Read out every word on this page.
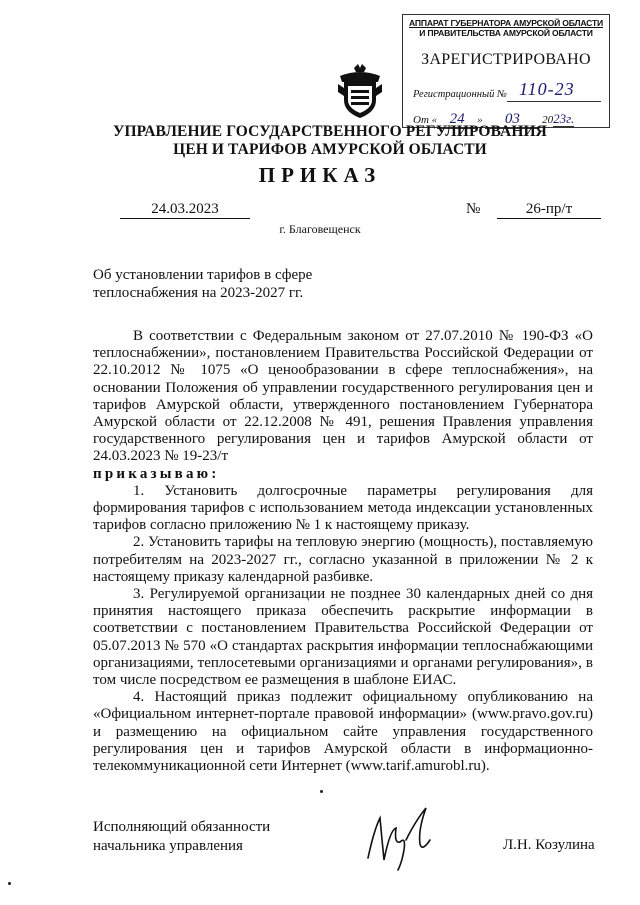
АППАРАТ ГУБЕРНАТОРА АМУРСКОЙ ОБЛАСТИ
И ПРАВИТЕЛЬСТВА АМУРСКОЙ ОБЛАСТИ
ЗАРЕГИСТРИРОВАНО
Регистрационный № 110-23
От « 24 » 03 2023г.
УПРАВЛЕНИЕ ГОСУДАРСТВЕННОГО РЕГУЛИРОВАНИЯ
ЦЕН И ТАРИФОВ АМУРСКОЙ ОБЛАСТИ
ПРИКАЗ
24.03.2023	№	26-пр/т
г. Благовещенск
Об установлении тарифов в сфере
теплоснабжения на 2023-2027 гг.

В соответствии с Федеральным законом от 27.07.2010 № 190-ФЗ «О теплоснабжении», постановлением Правительства Российской Федерации от 22.10.2012 № 1075 «О ценообразовании в сфере теплоснабжения», на основании Положения об управлении государственного регулирования цен и тарифов Амурской области, утвержденного постановлением Губернатора Амурской области от 22.12.2008 № 491, решения Правления управления государственного регулирования цен и тарифов Амурской области от 24.03.2023 № 19-23/т

приказываю:

1. Установить долгосрочные параметры регулирования для формирования тарифов с использованием метода индексации установленных тарифов согласно приложению № 1 к настоящему приказу.

2. Установить тарифы на тепловую энергию (мощность), поставляемую потребителям на 2023-2027 гг., согласно указанной в приложении № 2 к настоящему приказу календарной разбивке.

3. Регулируемой организации не позднее 30 календарных дней со дня принятия настоящего приказа обеспечить раскрытие информации в соответствии с постановлением Правительства Российской Федерации от 05.07.2013 № 570 «О стандартах раскрытия информации теплоснабжающими организациями, теплосетевыми организациями и органами регулирования», в том числе посредством ее размещения в шаблоне ЕИАС.

4. Настоящий приказ подлежит официальному опубликованию на «Официальном интернет-портале правовой информации» (www.pravo.gov.ru) и размещению на официальном сайте управления государственного регулирования цен и тарифов Амурской области в информационно-телекоммуникационной сети Интернет (www.tarif.amurobl.ru).

Исполняющий обязанности
начальника управления	Л.Н. Козулина
